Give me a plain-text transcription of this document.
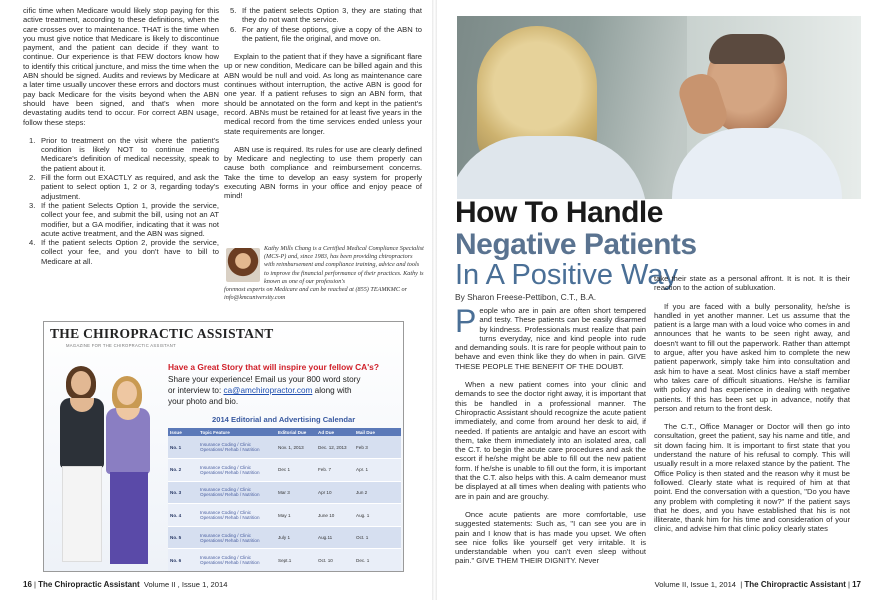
cific time when Medicare would likely stop paying for this active treatment, according to these definitions, when the care crosses over to maintenance. THAT is the time when you must give notice that Medicare is likely to discontinue payment, and the patient can decide if they want to continue. Our experience is that FEW doctors know how to identify this critical juncture, and miss the time when the ABN should be signed. Audits and reviews by Medicare at a later time usually uncover these errors and doctors must pay back Medicare for the visits beyond when the ABN should have been signed, and that's when more devastating audits tend to occur. For correct ABN usage, follow these steps:

1. Prior to treatment on the visit where the patient's condition is likely NOT to continue meeting Medicare's definition of medical necessity, speak to the patient about it.
2. Fill the form out EXACTLY as required, and ask the patient to select option 1, 2 or 3, regarding today's adjustment.
3. If the patient Selects Option 1, provide the service, collect your fee, and submit the bill, using not an AT modifier, but a GA modifier, indicating that it was not acute active treatment, and the ABN was signed.
4. If the patient selects Option 2, provide the service, collect your fee, and you don't have to bill to Medicare at all.
5. If the patient selects Option 3, they are stating that they do not want the service.
6. For any of these options, give a copy of the ABN to the patient, file the original, and move on.

Explain to the patient that if they have a significant flare up or new condition, Medicare can be billed again and this ABN would be null and void. As long as maintenance care continues without interruption, the active ABN is good for one year. If a patient refuses to sign an ABN form, that should be annotated on the form and kept in the patient's record. ABNs must be retained for at least five years in the medical record from the time services ended unless your state requirements are longer.

ABN use is required. Its rules for use are clearly defined by Medicare and neglecting to use them properly can cause both compliance and reimbursement concerns. Take the time to develop an easy system for properly executing ABN forms in your office and enjoy peace of mind!

Kathy Mills Chang is a Certified Medical Compliance Specialist (MCS-P) and, since 1983, has been providing chiropractors with reimbursement and compliance training, advice and tools to improve the financial performance of their practices. Kathy is known as one of our profession's
foremost experts on Medicare and can be reached at (855) TEAMKMC or info@kmcuniversity.com
THE CHIROPRACTIC ASSISTANT
MAGAZINE FOR THE CHIROPRACTIC ASSISTANT
Have a Great Story that will inspire your fellow CA's?
Share your experience! Email us your 800 word story
or interview to: ca@amchiropractor.com along with
your photo and bio.
2014 Editorial and Advertising Calendar
Issue	Topic Feature	Editorial Due	Ad Due	Mail Due
No. 1	Insurance Coding / Clinic Operations/ Rehab / Nutrition	Nov. 1, 2013	Dec. 12, 2013	Feb 3
No. 2	Insurance Coding / Clinic Operations/ Rehab / Nutrition	Dec 1	Feb. 7	Apr. 1
No. 3	Insurance Coding / Clinic Operations/ Rehab / Nutrition	Mar 3	Apr 10	Jun 2
No. 4	Insurance Coding / Clinic Operations/ Rehab / Nutrition	May 1	June 10	Aug. 1
No. 5	Insurance Coding / Clinic Operations/ Rehab / Nutrition	July 1	Aug.11	Oct. 1
No. 6	Insurance Coding / Clinic Operations/ Rehab / Nutrition	Sept.1	Oct. 10	Dec. 1
16 | The Chiropractic Assistant Volume II , Issue 1, 2014
How To Handle
Negative Patients
In A Positive Way
By Sharon Freese-Pettibon, C.T., B.A.

People who are in pain are often short tempered and testy. These patients can be easily disarmed by kindness. Professionals must realize that pain turns everyday, nice and kind people into rude and demanding souls. It is rare for people without pain to behave and even think like they do when in pain. GIVE THESE PEOPLE THE BENEFIT OF THE DOUBT.

When a new patient comes into your clinic and demands to see the doctor right away, it is important that this be handled in a professional manner. The Chiropractic Assistant should recognize the acute patient immediately, and come from around her desk to aid, if needed. If patients are antalgic and have an escort with them, take them immediately into an isolated area, call the C.T. to begin the acute care procedures and ask the escort if he/she might be able to fill out the new patient form. If he/she is unable to fill out the form, it is important that the C.T. also helps with this. A calm demeanor must be displayed at all times when dealing with patients who are in pain and are grouchy.

Once acute patients are more comfortable, use suggested statements: Such as, "I can see you are in pain and I know that is has made you upset. We often see nice folks like yourself get very irritable. It is understandable when you can't even sleep without pain." GIVE THEM THEIR DIGNITY. Never

take their state as a personal affront. It is not. It is their reaction to the action of subluxation.

If you are faced with a bully personality, he/she is handled in yet another manner. Let us assume that the patient is a large man with a loud voice who comes in and announces that he wants to be seen right away, and doesn't want to fill out the paperwork. Rather than attempt to argue, after you have asked him to complete the new patient paperwork, simply take him into consultation and ask him to have a seat. Most clinics have a staff member who takes care of difficult situations. He/she is familiar with policy and has experience in dealing with negative patients. If this has been set up in advance, notify that person and return to the front desk.

The C.T., Office Manager or Doctor will then go into consultation, greet the patient, say his name and title, and sit down facing him. It is important to first state that you understand the nature of his refusal to comply. This will usually result in a more relaxed stance by the patient. The Office Policy is then stated and the reason why it must be followed. Clearly state what is required of him at that point. End the conversation with a question, "Do you have any problem with completing it now?" If the patient says that he does, and you have established that his is not illiterate, thank him for his time and consideration of your clinic, and advise him that clinic policy clearly states

Volume II, Issue 1, 2014  | The Chiropractic Assistant | 17
